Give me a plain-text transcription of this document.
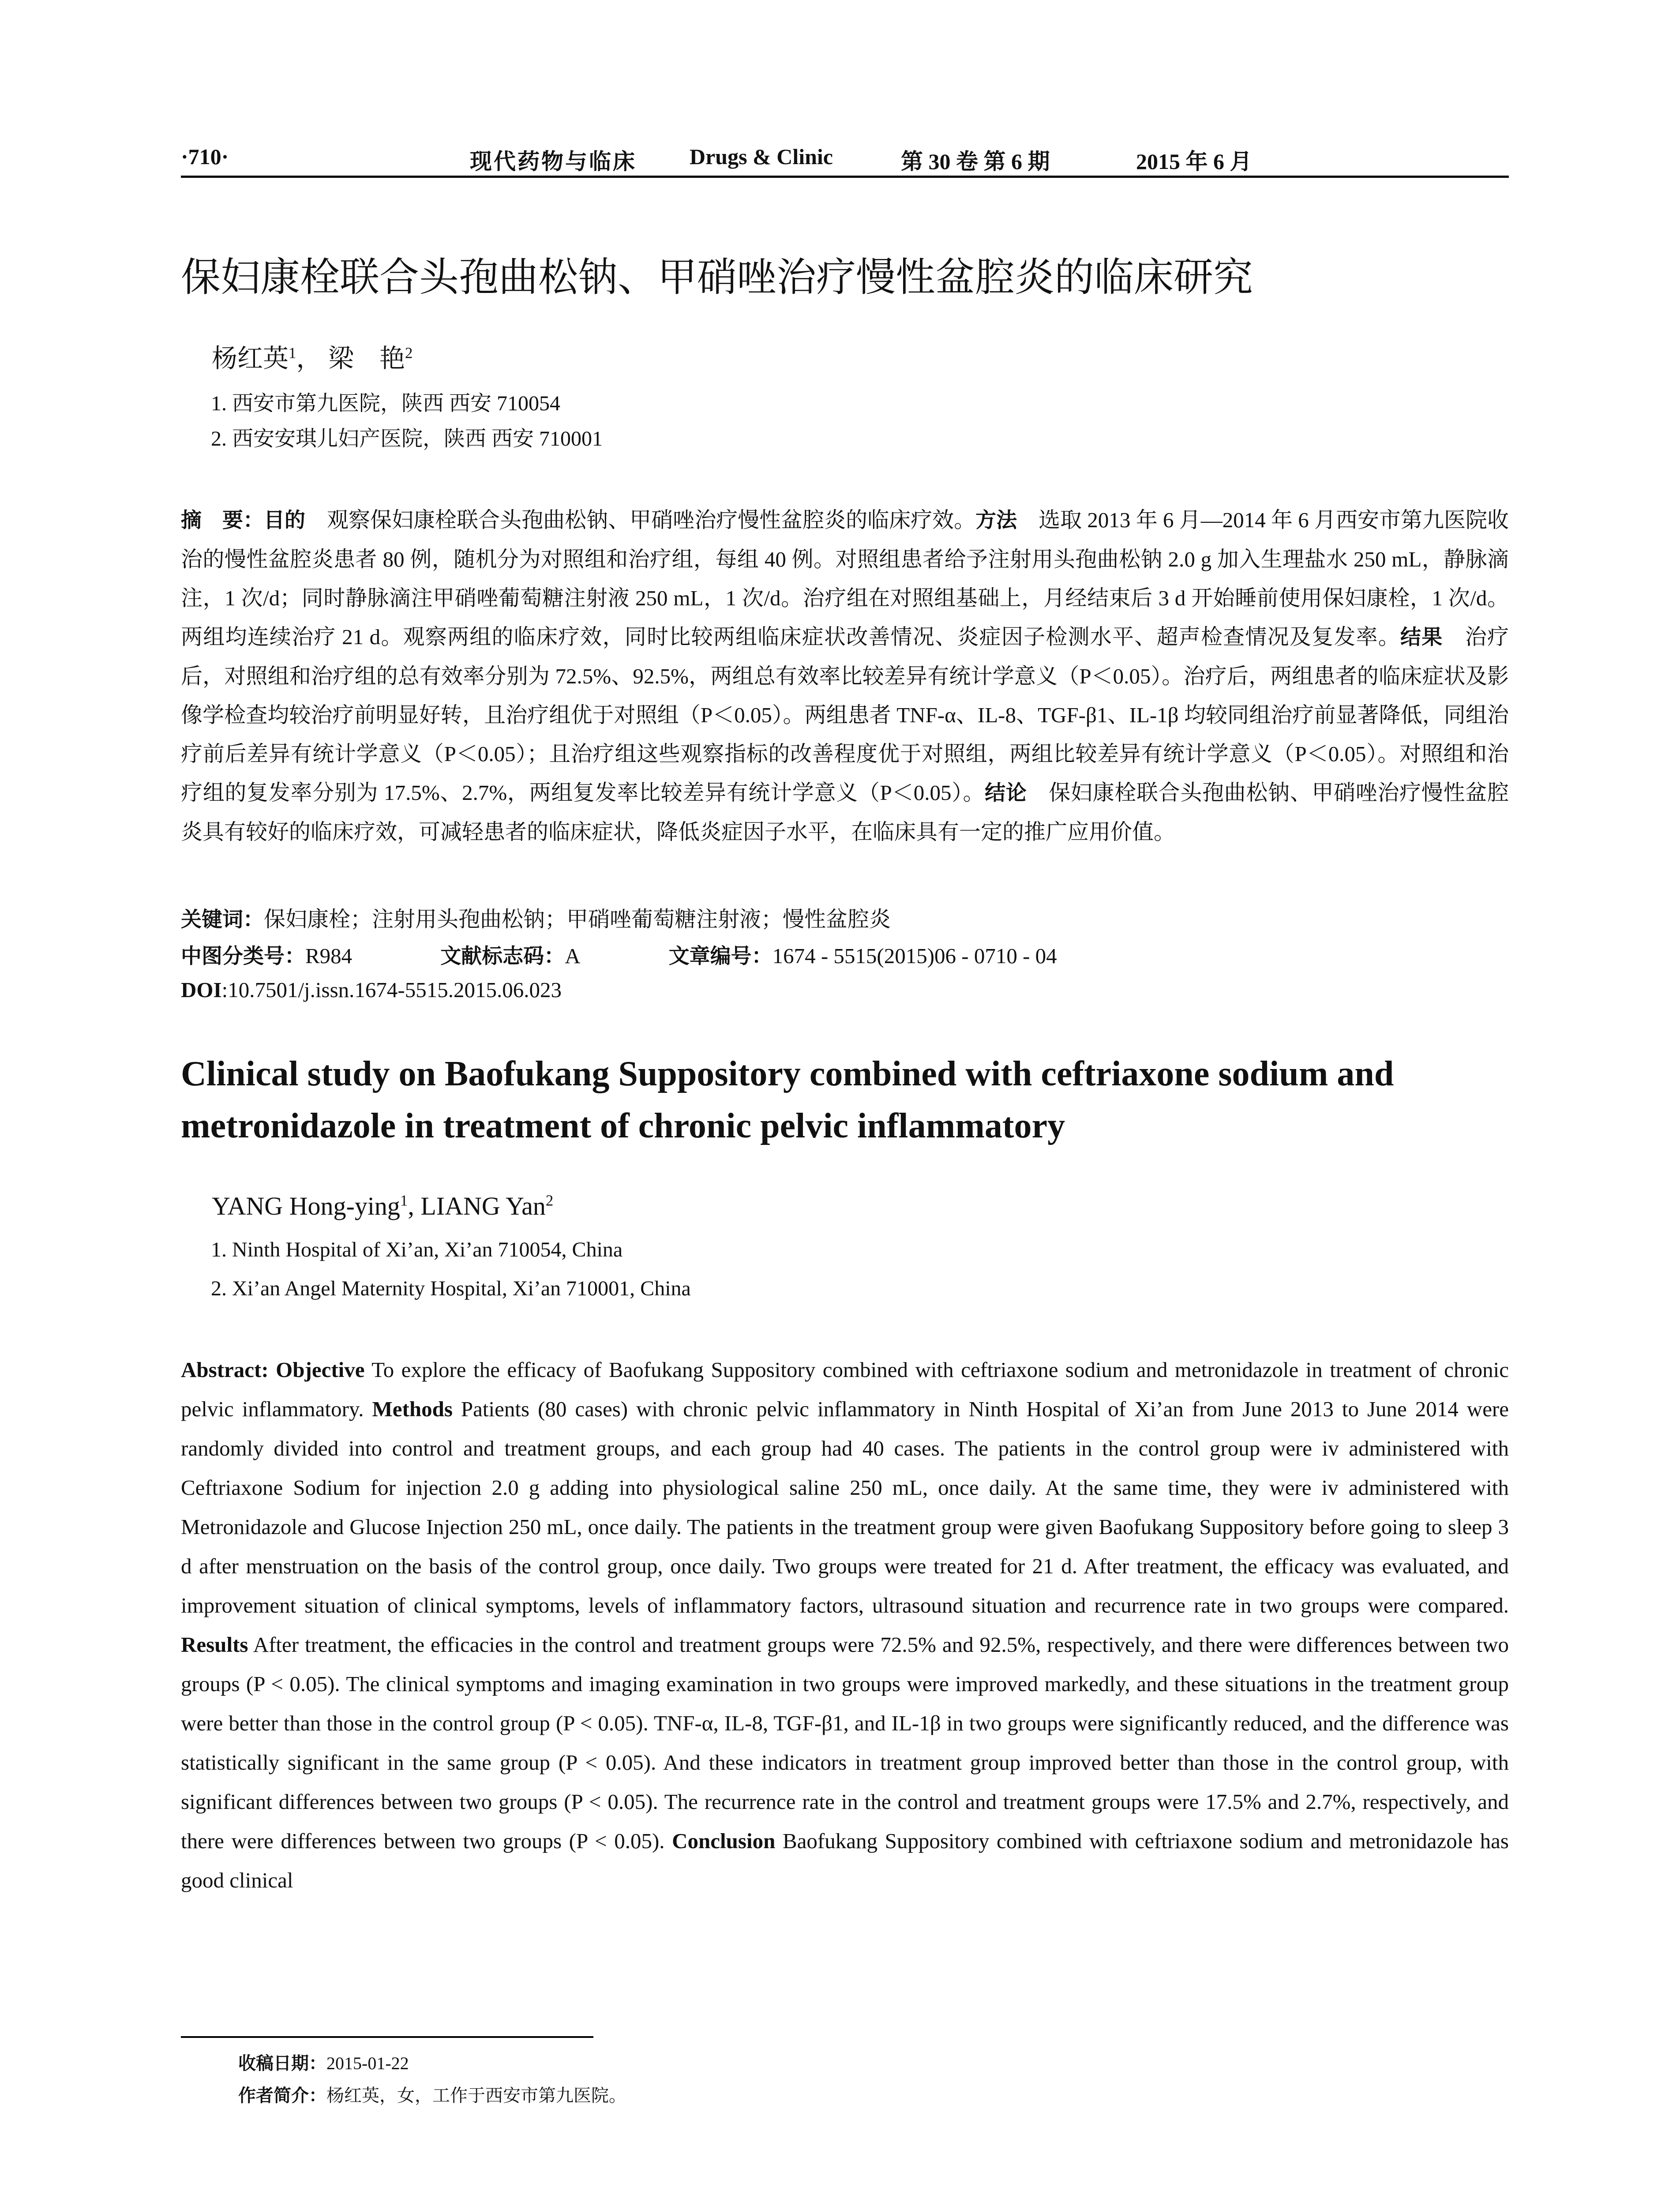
·710·	现代药物与临床 Drugs & Clinic	第 30 卷 第 6 期	2015 年 6 月
保妇康栓联合头孢曲松钠、甲硝唑治疗慢性盆腔炎的临床研究
杨红英$^1$， 梁　艳$^2$
1. 西安市第九医院，陕西 西安 710054
2. 西安安琪儿妇产医院，陕西 西安 710001
摘　要：目的　观察保妇康栓联合头孢曲松钠、甲硝唑治疗慢性盆腔炎的临床疗效。方法　选取 2013 年 6 月—2014 年 6 月西安市第九医院收治的慢性盆腔炎患者 80 例，随机分为对照组和治疗组，每组 40 例。对照组患者给予注射用头孢曲松钠 2.0 g 加入生理盐水 250 mL，静脉滴注，1 次/d；同时静脉滴注甲硝唑葡萄糖注射液 250 mL，1 次/d。治疗组在对照组基础上，月经结束后 3 d 开始睡前使用保妇康栓，1 次/d。两组均连续治疗 21 d。观察两组的临床疗效，同时比较两组临床症状改善情况、炎症因子检测水平、超声检查情况及复发率。结果　治疗后，对照组和治疗组的总有效率分别为 72.5%、92.5%，两组总有效率比较差异有统计学意义（P＜0.05）。治疗后，两组患者的临床症状及影像学检查均较治疗前明显好转，且治疗组优于对照组（P＜0.05）。两组患者 TNF-α、IL-8、TGF-β1、IL-1β 均较同组治疗前显著降低，同组治疗前后差异有统计学意义（P＜0.05）；且治疗组这些观察指标的改善程度优于对照组，两组比较差异有统计学意义（P＜0.05）。对照组和治疗组的复发率分别为 17.5%、2.7%，两组复发率比较差异有统计学意义（P＜0.05）。结论　保妇康栓联合头孢曲松钠、甲硝唑治疗慢性盆腔炎具有较好的临床疗效，可减轻患者的临床症状，降低炎症因子水平，在临床具有一定的推广应用价值。
关键词：保妇康栓；注射用头孢曲松钠；甲硝唑葡萄糖注射液；慢性盆腔炎
中图分类号：R984	文献标志码：A	文章编号：1674 - 5515(2015)06 - 0710 - 04
DOI:10.7501/j.issn.1674-5515.2015.06.023
Clinical study on Baofukang Suppository combined with ceftriaxone sodium and metronidazole in treatment of chronic pelvic inflammatory
YANG Hong-ying$^1$, LIANG Yan$^2$
1. Ninth Hospital of Xi’an, Xi’an 710054, China
2. Xi’an Angel Maternity Hospital, Xi’an 710001, China
Abstract: Objective To explore the efficacy of Baofukang Suppository combined with ceftriaxone sodium and metronidazole in treatment of chronic pelvic inflammatory. Methods Patients (80 cases) with chronic pelvic inflammatory in Ninth Hospital of Xi’an from June 2013 to June 2014 were randomly divided into control and treatment groups, and each group had 40 cases. The patients in the control group were iv administered with Ceftriaxone Sodium for injection 2.0 g adding into physiological saline 250 mL, once daily. At the same time, they were iv administered with Metronidazole and Glucose Injection 250 mL, once daily. The patients in the treatment group were given Baofukang Suppository before going to sleep 3 d after menstruation on the basis of the control group, once daily. Two groups were treated for 21 d. After treatment, the efficacy was evaluated, and improvement situation of clinical symptoms, levels of inflammatory factors, ultrasound situation and recurrence rate in two groups were compared. Results After treatment, the efficacies in the control and treatment groups were 72.5% and 92.5%, respectively, and there were differences between two groups (P < 0.05). The clinical symptoms and imaging examination in two groups were improved markedly, and these situations in the treatment group were better than those in the control group (P < 0.05). TNF-α, IL-8, TGF-β1, and IL-1β in two groups were significantly reduced, and the difference was statistically significant in the same group (P < 0.05). And these indicators in treatment group improved better than those in the control group, with significant differences between two groups (P < 0.05). The recurrence rate in the control and treatment groups were 17.5% and 2.7%, respectively, and there were differences between two groups (P < 0.05). Conclusion Baofukang Suppository combined with ceftriaxone sodium and metronidazole has good clinical
收稿日期：2015-01-22
作者简介：杨红英，女，工作于西安市第九医院。
